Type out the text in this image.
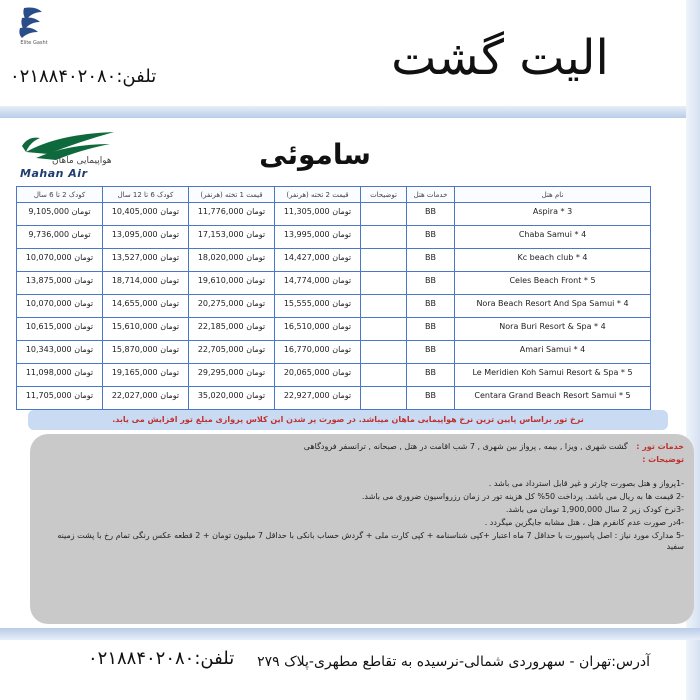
Elite Gasht	الیت گشت
تلفن:۰۲۱۸۸۴۰۲۰۸۰
هواپیمایی ماهان
Mahan Air
ساموئی
کودک 2 تا 6 سال	کودک 6 تا 12 سال	قیمت 1 تخته (هرنفر)	قیمت 2 تخته (هرنفر)	توضیحات	خدمات هتل	نام هتل
9,105,000 تومان	10,405,000 تومان	11,776,000 تومان	11,305,000 تومان		BB	Aspira * 3
9,736,000 تومان	13,095,000 تومان	17,153,000 تومان	13,995,000 تومان		BB	Chaba Samui * 4
10,070,000 تومان	13,527,000 تومان	18,020,000 تومان	14,427,000 تومان		BB	Kc beach club * 4
13,875,000 تومان	18,714,000 تومان	19,610,000 تومان	14,774,000 تومان		BB	Celes Beach Front * 5
10,070,000 تومان	14,655,000 تومان	20,275,000 تومان	15,555,000 تومان		BB	Nora Beach Resort And Spa Samui * 4
10,615,000 تومان	15,610,000 تومان	22,185,000 تومان	16,510,000 تومان		BB	Nora Buri Resort & Spa * 4
10,343,000 تومان	15,870,000 تومان	22,705,000 تومان	16,770,000 تومان		BB	Amari Samui * 4
11,098,000 تومان	19,165,000 تومان	29,295,000 تومان	20,065,000 تومان		BB	Le Meridien Koh Samui Resort & Spa * 5
11,705,000 تومان	22,027,000 تومان	35,020,000 تومان	22,927,000 تومان		BB	Centara Grand Beach Resort Samui * 5
نرخ تور براساس پایین ترین نرخ هواپیمایی ماهان میباشد. در صورت پر شدن این کلاس پروازی مبلغ تور افزایش می یابد.
خدمات تور : گشت شهری , ویزا , بیمه , پرواز بین شهری , 7 شب اقامت در هتل , صبحانه , ترانسفر فرودگاهی
توضیحات :
-1پرواز و هتل بصورت چارتر و غیر قابل استرداد می باشد .
-2 قیمت ها به ریال می باشد. پرداخت 50% کل هزینه تور در زمان رزرواسیون ضروری می باشد.
-3نرخ کودک زیر 2 سال 1,900,000 تومان می باشد.
-4در صورت عدم کانفرم هتل ، هتل مشابه جایگزین میگردد .
-5 مدارک مورد نیاز : اصل پاسپورت با حداقل 7 ماه اعتبار +کپی شناسنامه + کپی کارت ملی + گردش حساب بانکی با حداقل 7 میلیون تومان + 2 قطعه عکس رنگی تمام رخ با پشت زمینه سفید
آدرس:تهران - سهروردی شمالی-نرسیده به تقاطع مطهری-پلاک ۲۷۹
تلفن:۰۲۱۸۸۴۰۲۰۸۰
